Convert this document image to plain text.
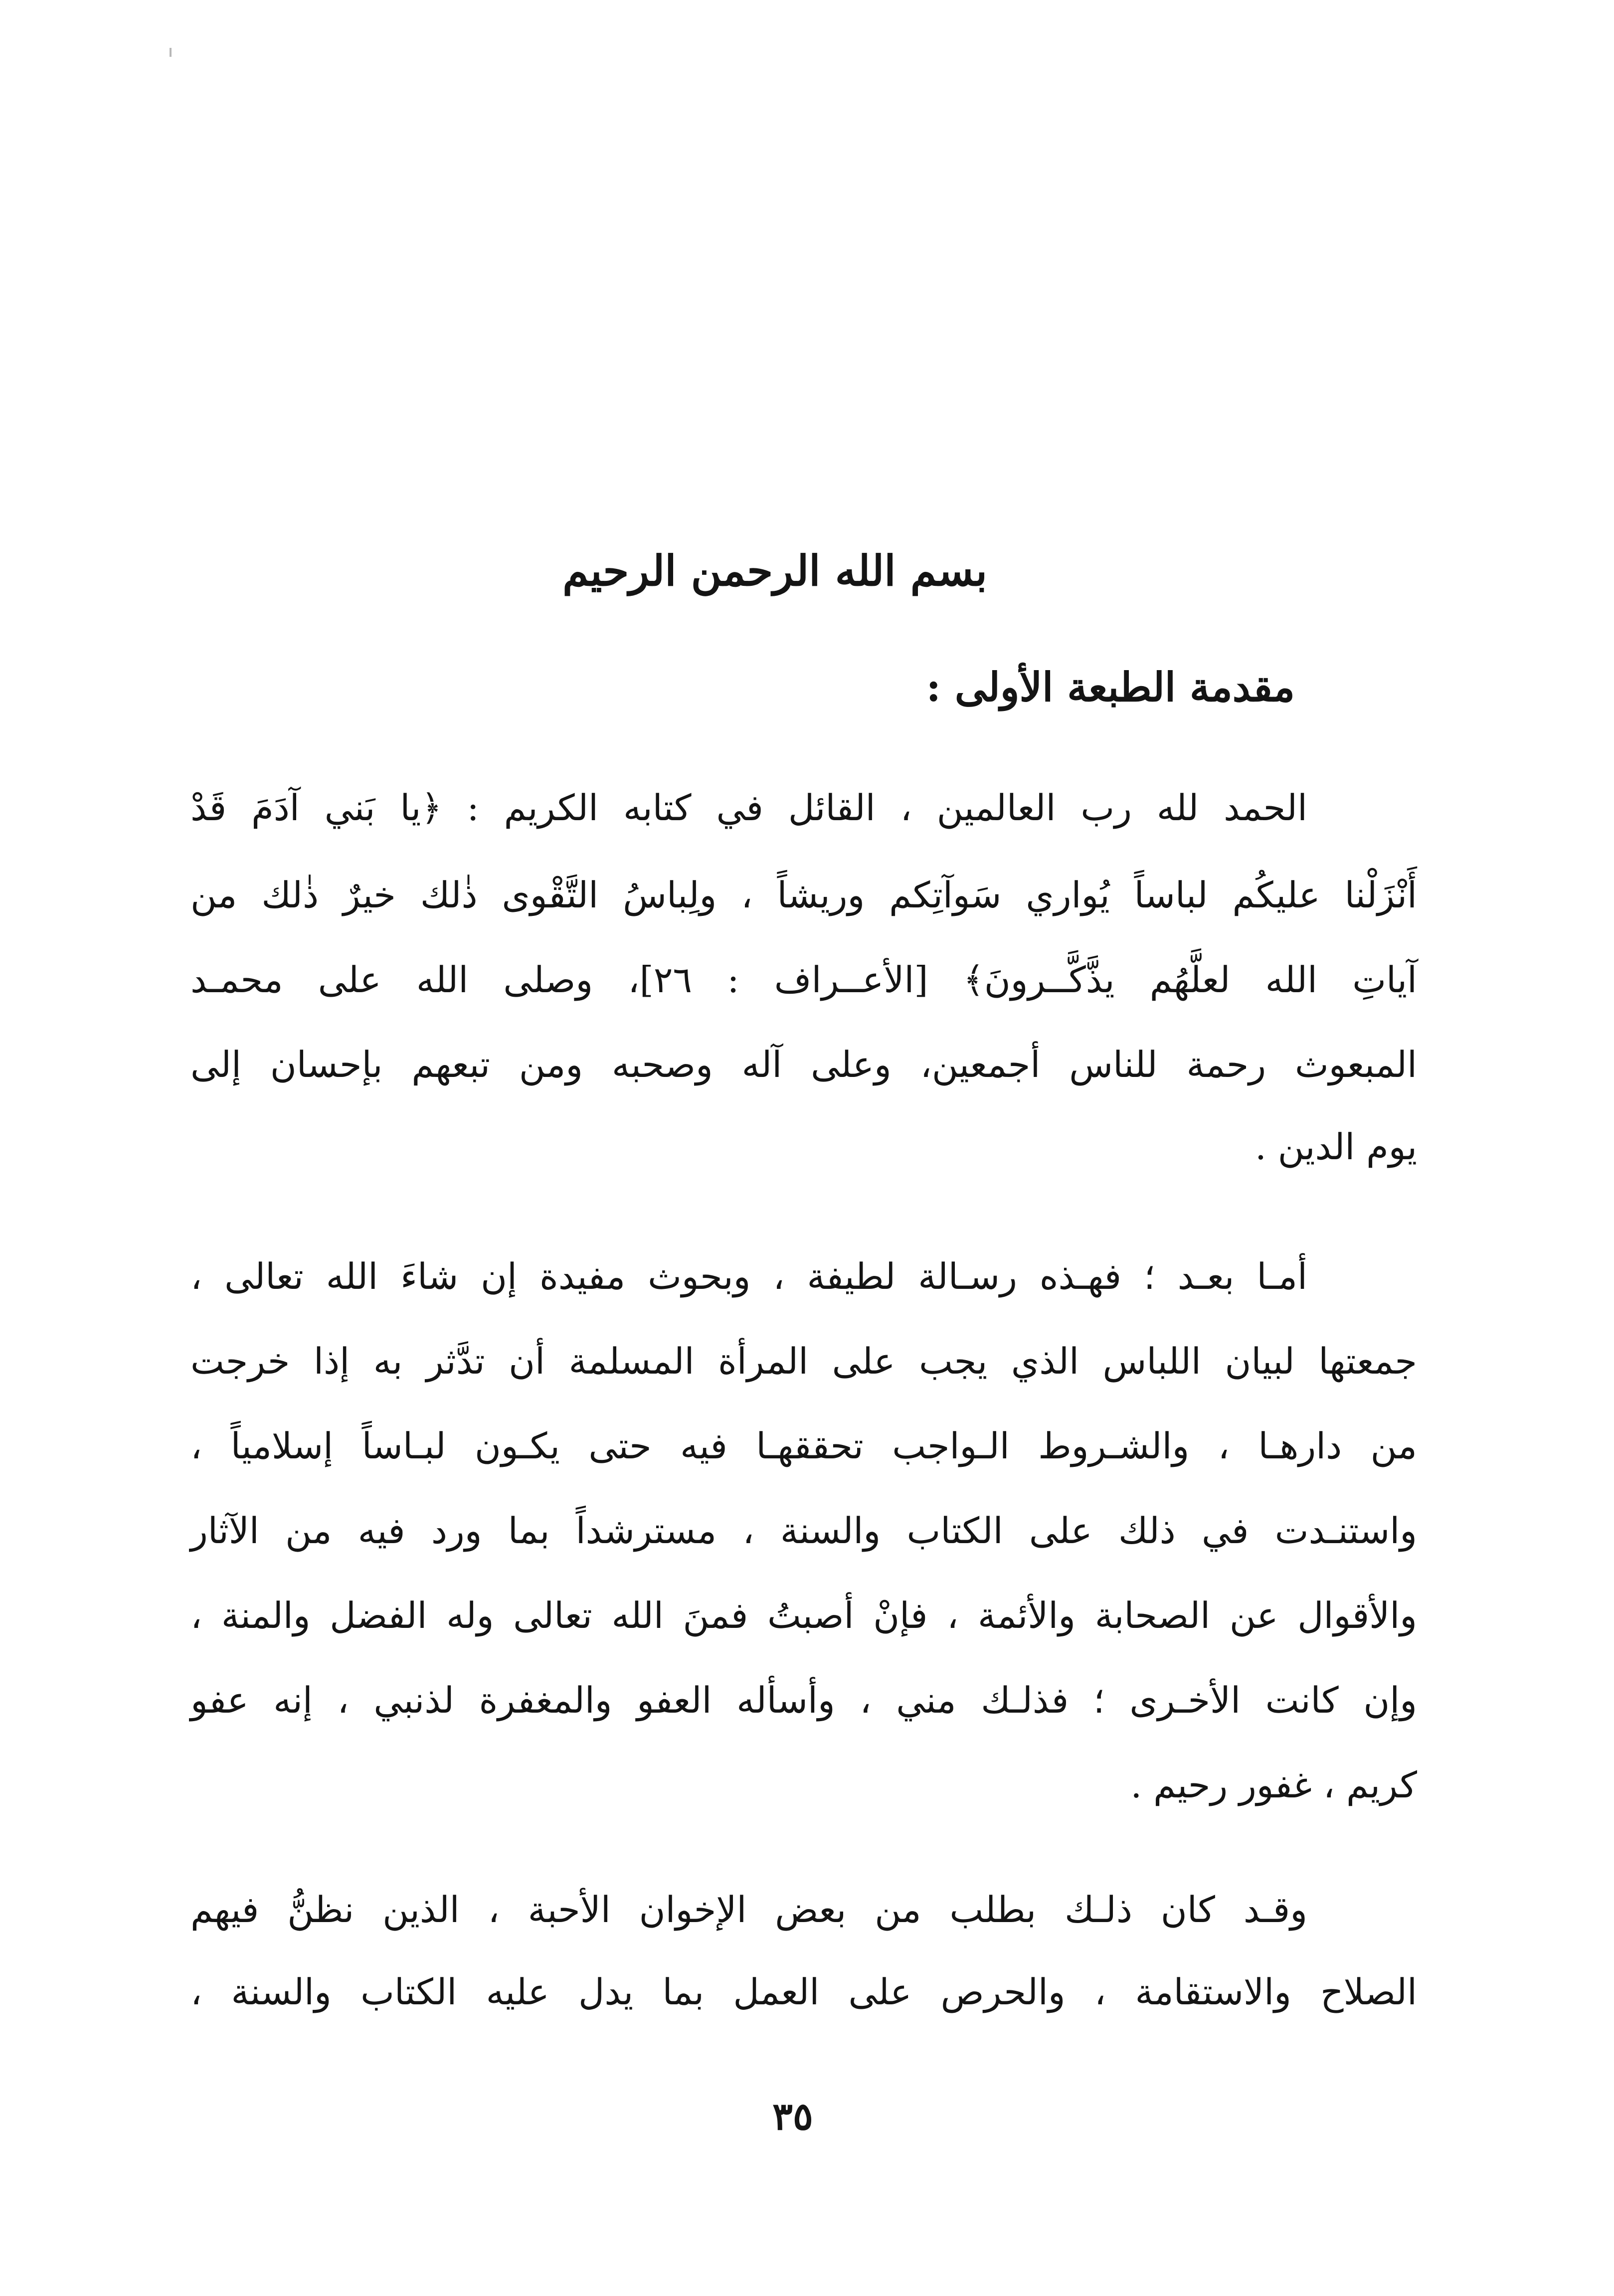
بسم الله الرحمن الرحيم
مقدمة الطبعة الأولى :
الحمد لله رب العالمين ، القائل في كتابه الكريم : ﴿يا بَني آدَمَ قَدْ
أَنْزَلْنا عليكُم لباساً يُواري سَوآتِكم وريشاً ، ولِباسُ التَّقْوى ذٰلك خيرٌ ذٰلك من
آياتِ الله لعلَّهُم يذَّكَّــرونَ﴾ [الأعــراف : ٢٦]، وصلى الله على محمـد
المبعوث رحمة للناس أجمعين، وعلى آله وصحبه ومن تبعهم بإحسان إلى
يوم الدين .
أمـا بعـد ؛ فهـذه رسـالة لطيفة ، وبحوث مفيدة إن شاءَ الله تعالى ،
جمعتها لبيان اللباس الذي يجب على المرأة المسلمة أن تدَّثر به إذا خرجت
من دارهـا ، والشـروط الـواجب تحققهـا فيه حتى يكـون لبـاساً إسلامياً ،
واستنـدت في ذلك على الكتاب والسنة ، مسترشداً بما ورد فيه من الآثار
والأقوال عن الصحابة والأئمة ، فإنْ أصبتُ فمنَ الله تعالى وله الفضل والمنة ،
وإن كانت الأخـرى ؛ فذلـك مني ، وأسأله العفو والمغفرة لذنبي ، إنه عفو
كريم ، غفور رحيم .
وقـد كان ذلـك بطلب من بعض الإخوان الأحبة ، الذين نظنُّ فيهم
الصلاح والاستقامة ، والحرص على العمل بما يدل عليه الكتاب والسنة ،
٣٥
